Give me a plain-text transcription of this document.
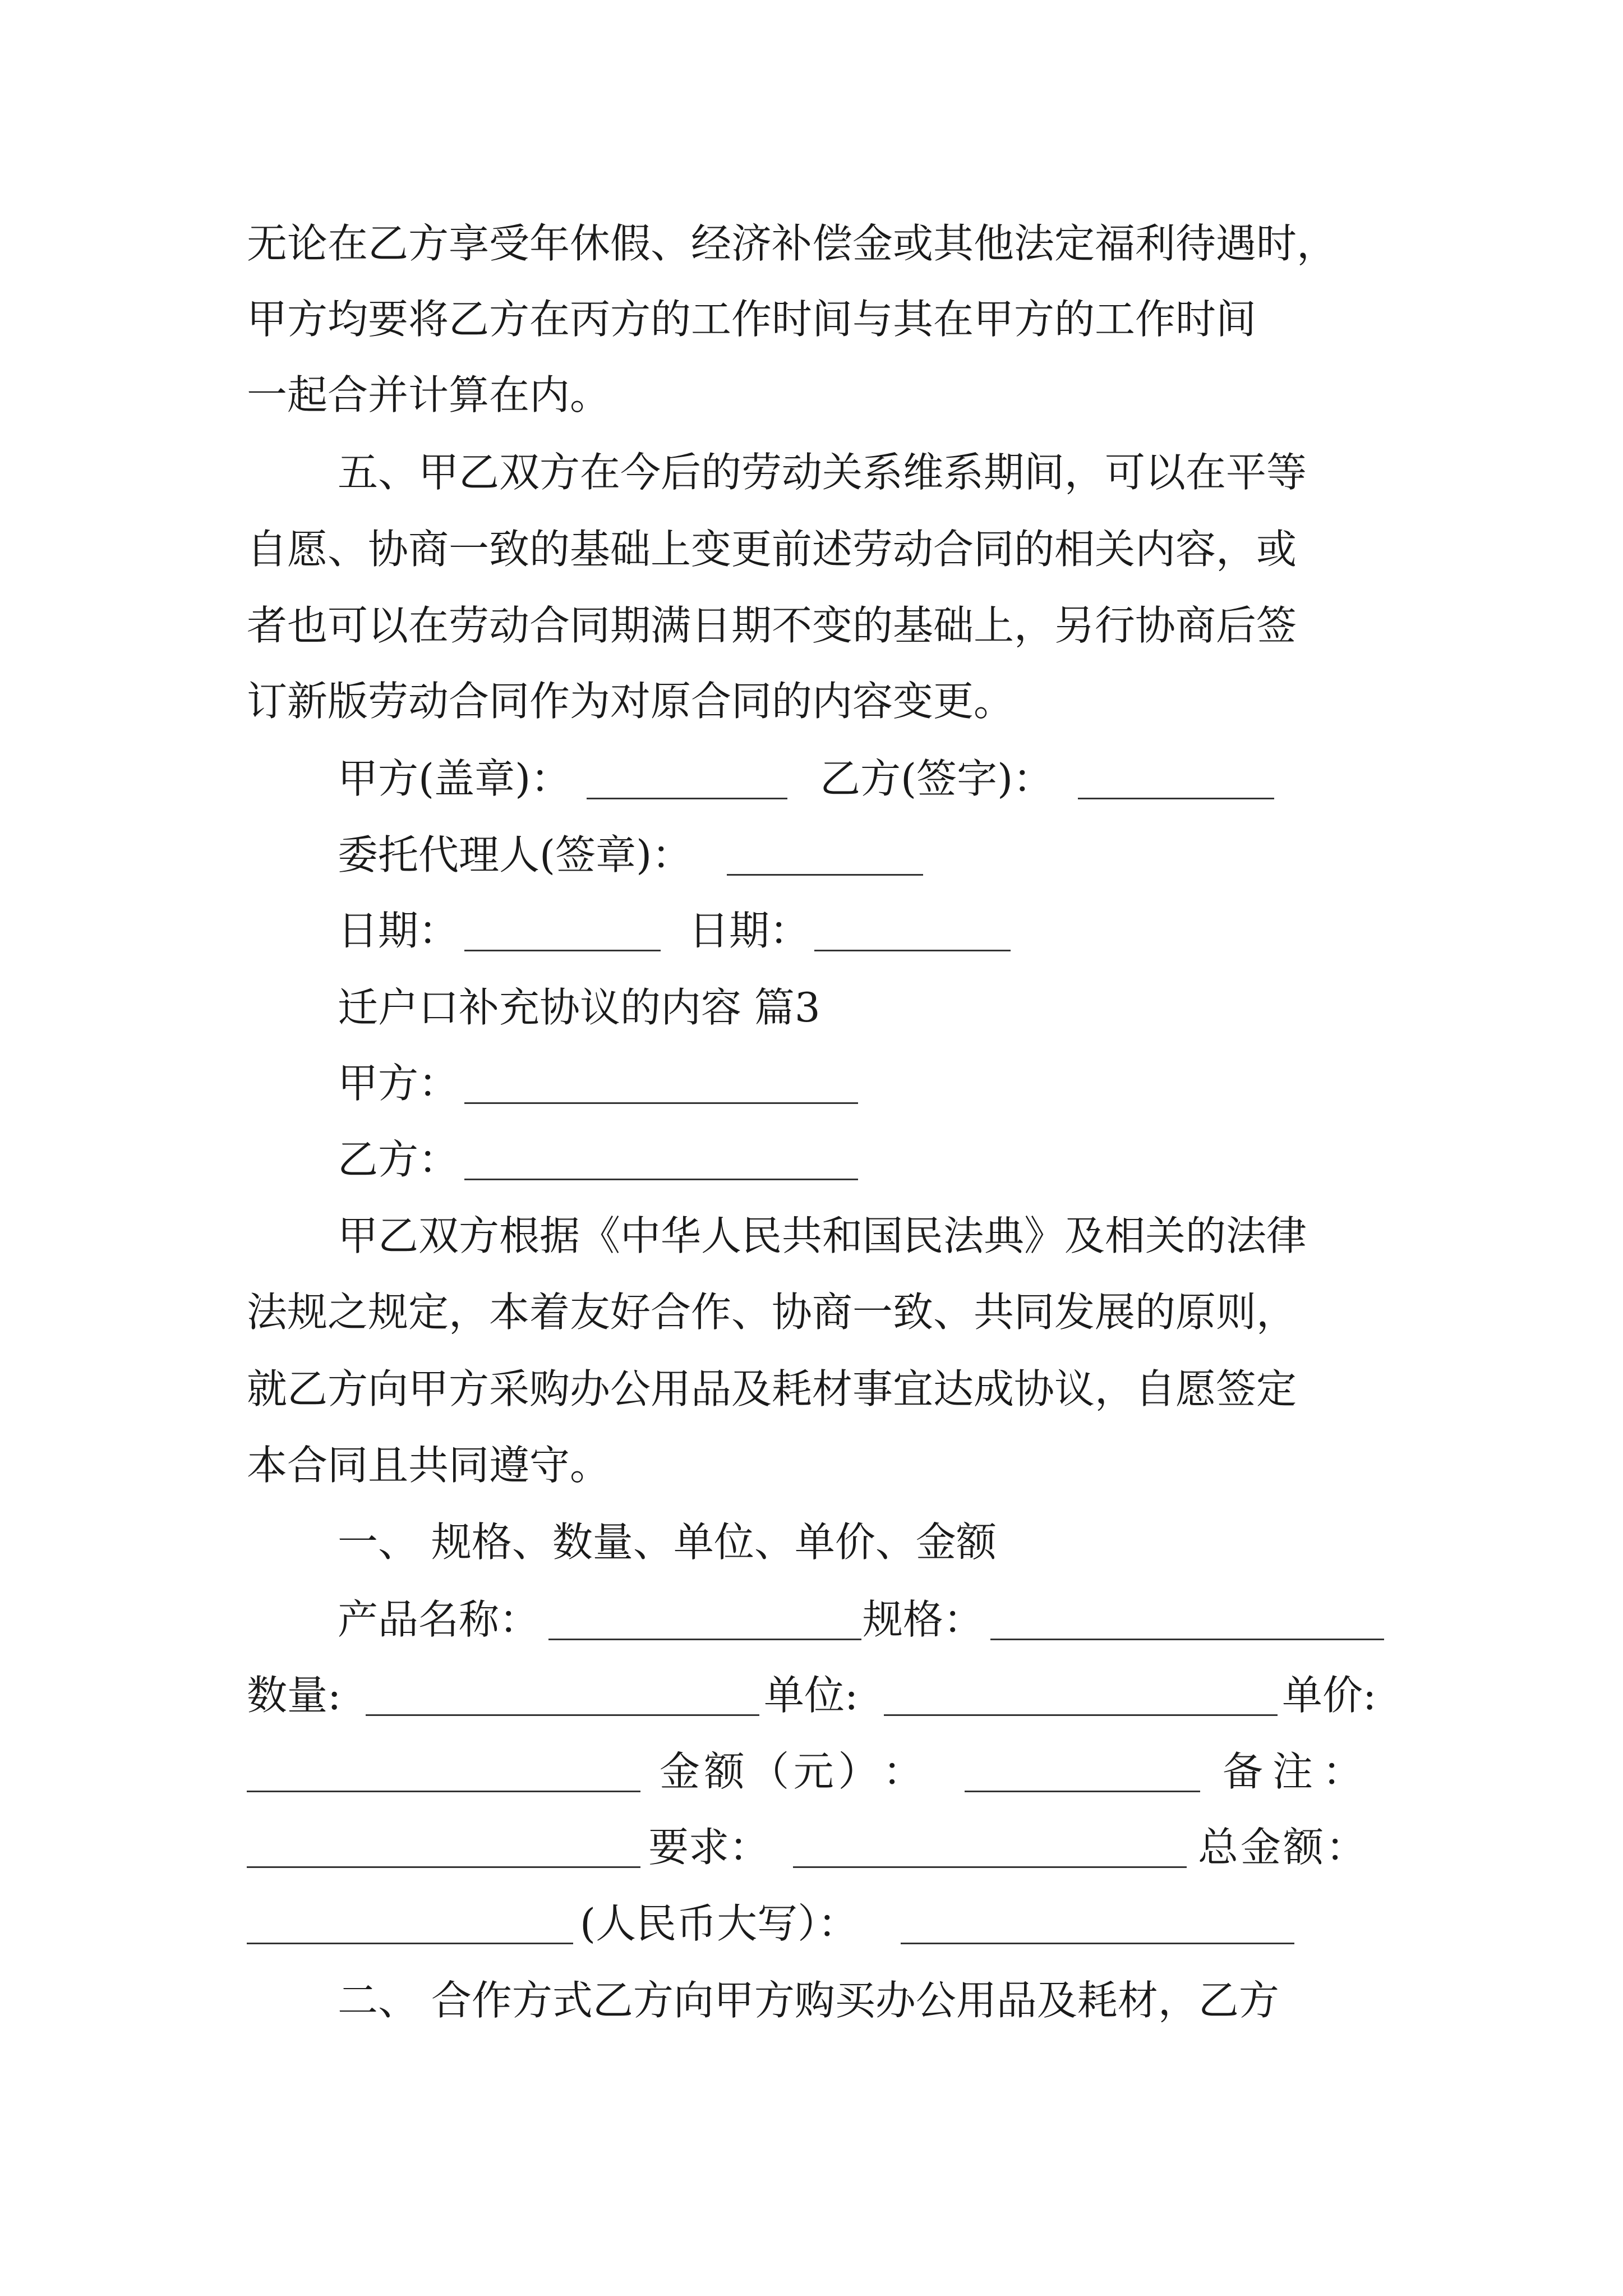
无论在乙方享受年休假、经济补偿金或其他法定福利待遇时，
甲方均要将乙方在丙方的工作时间与其在甲方的工作时间
一起合并计算在内。
五、甲乙双方在今后的劳动关系维系期间，可以在平等
自愿、协商一致的基础上变更前述劳动合同的相关内容，或
者也可以在劳动合同期满日期不变的基础上，另行协商后签
订新版劳动合同作为对原合同的内容变更。
甲方(盖章)：	乙方(签字)：
委托代理人(签章)：
日期：	日期：
迁户口补充协议的内容 篇3
甲方：
乙方：
甲乙双方根据《中华人民共和国民法典》及相关的法律
法规之规定，本着友好合作、协商一致、共同发展的原则，
就乙方向甲方采购办公用品及耗材事宜达成协议，自愿签定
本合同且共同遵守。
一、 规格、数量、单位、单价、金额
产品名称：	规格：
数量:	单位:	单价:
金 额 （ 元 ） ：	备 注 ：
要 求 ：	总 金 额 ：
(人民币大写）：
二、 合作方式乙方向甲方购买办公用品及耗材，乙方
